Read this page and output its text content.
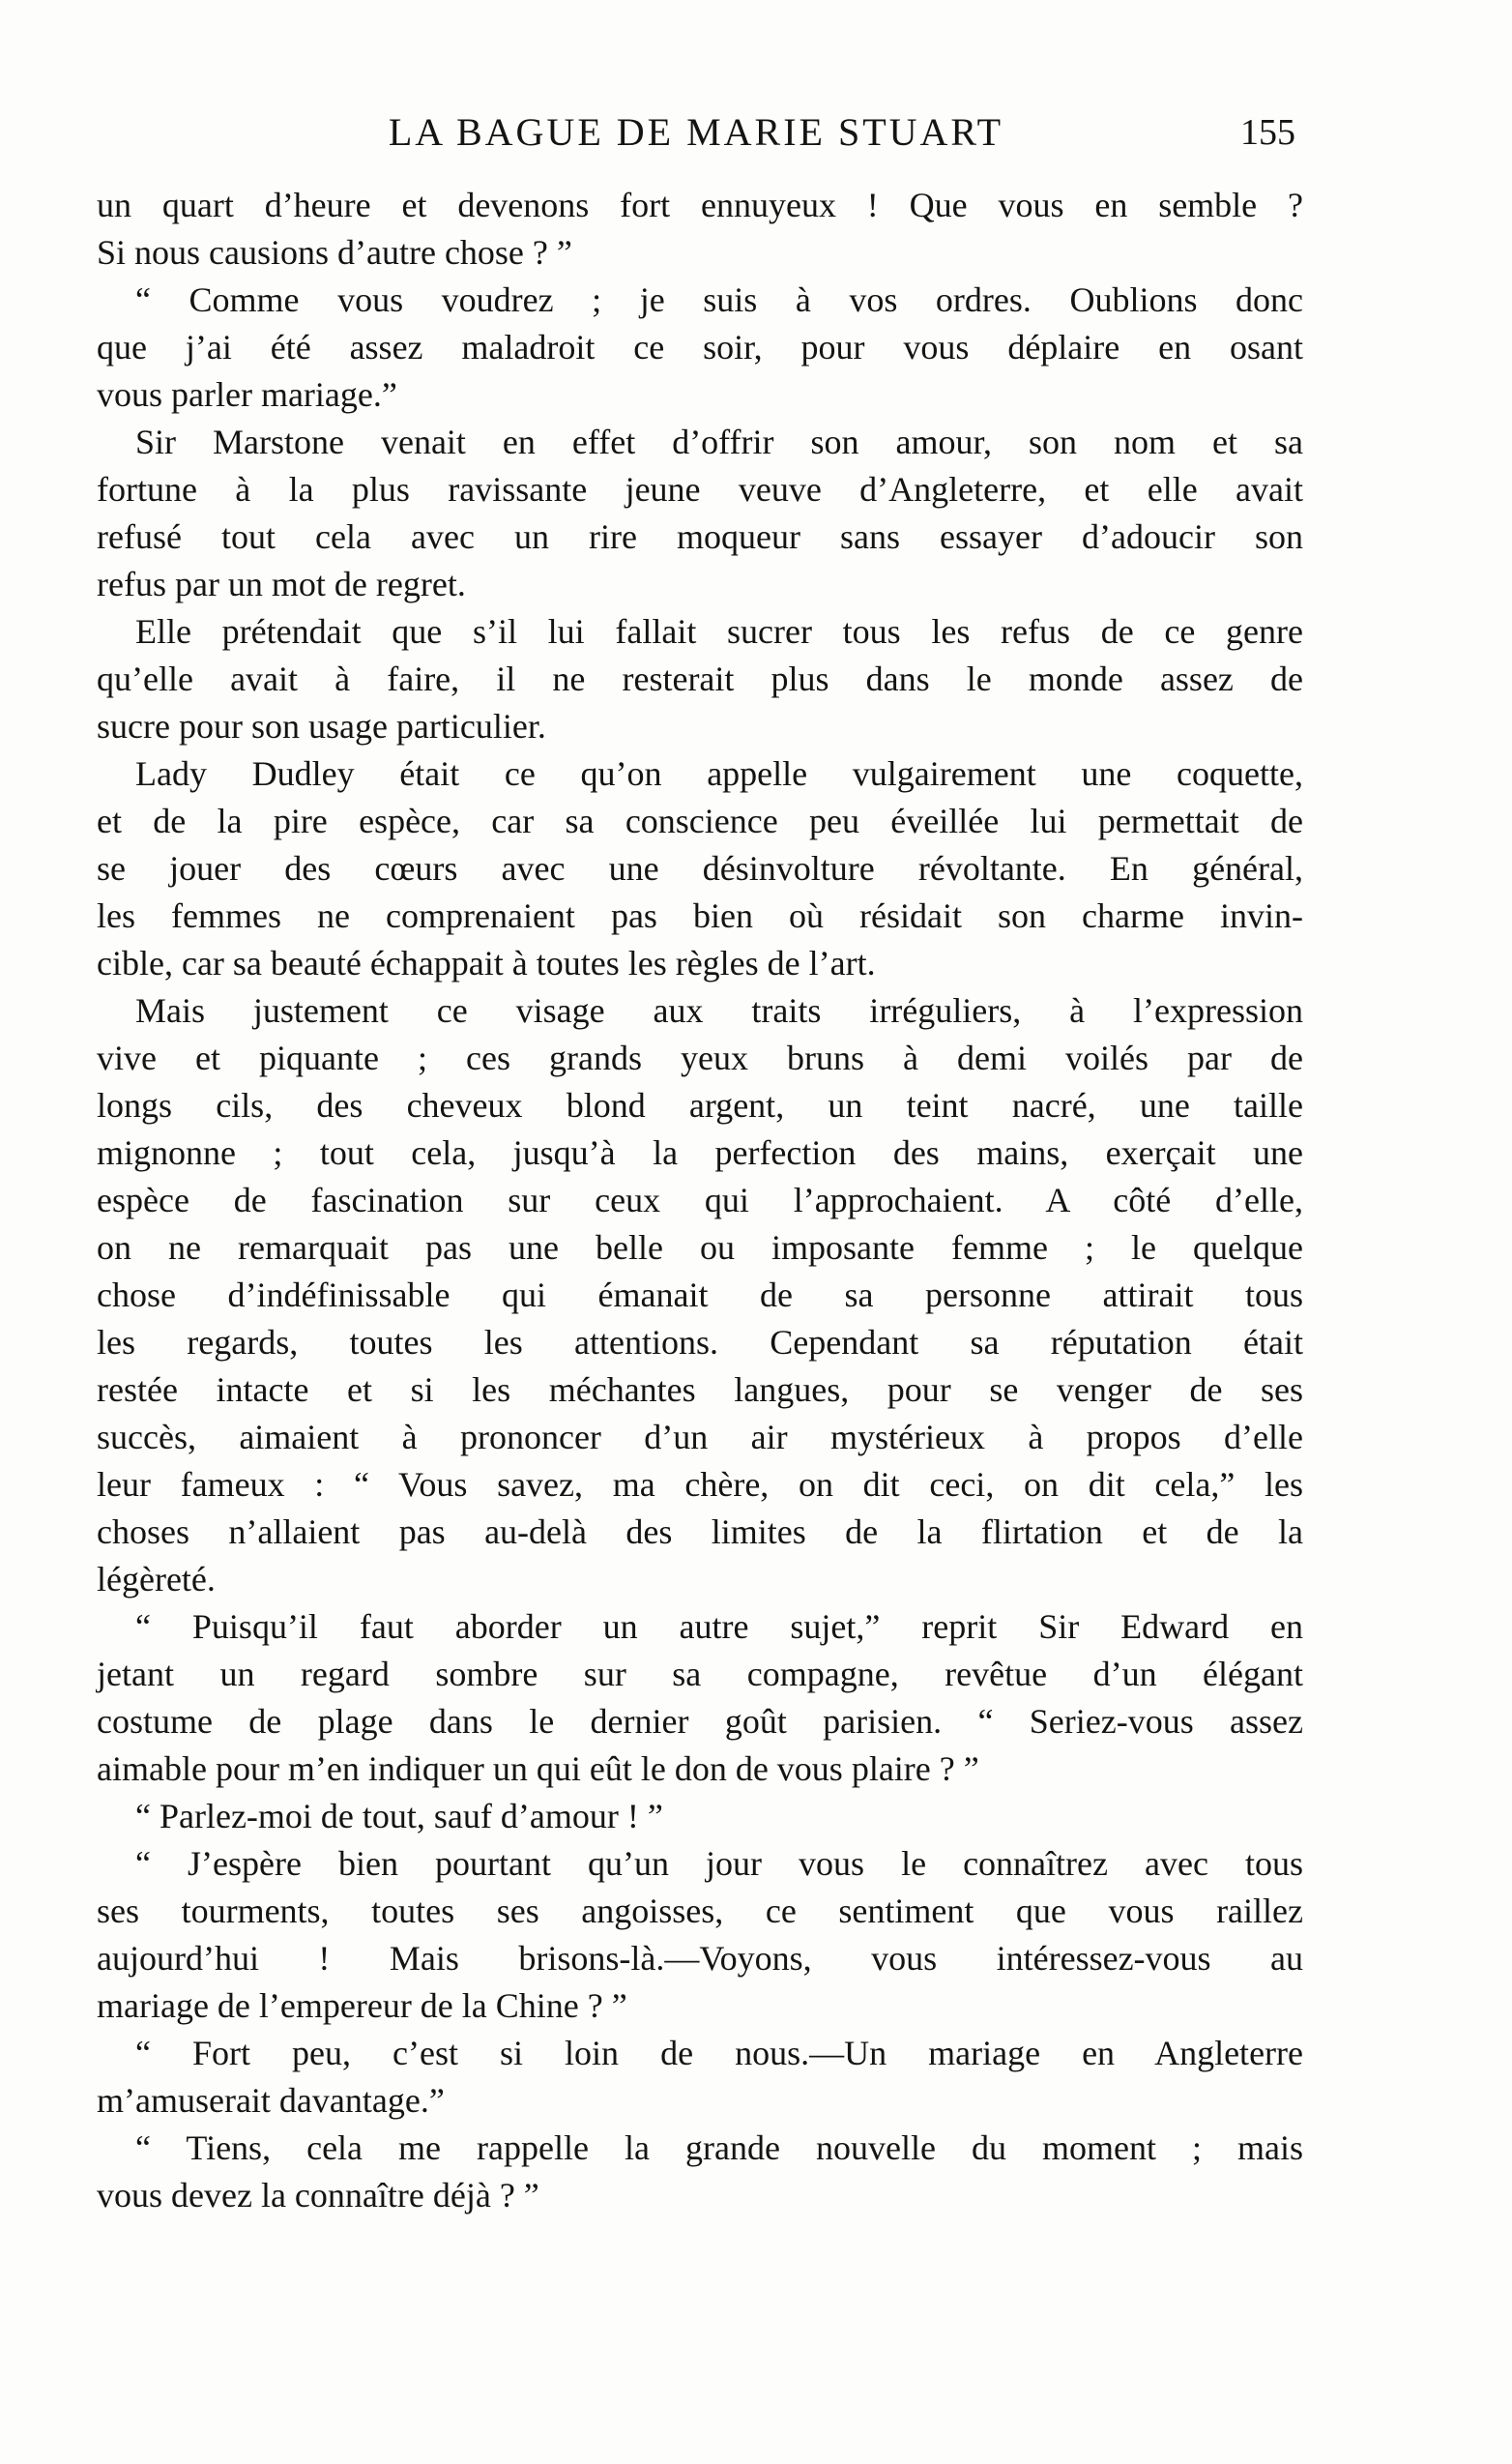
LA BAGUE DE MARIE STUART	155
un quart d’heure et devenons fort ennuyeux ! Que vous en semble ?
Si nous causions d’autre chose ? ”
“ Comme vous voudrez ; je suis à vos ordres. Oublions donc
que j’ai été assez maladroit ce soir, pour vous déplaire en osant
vous parler mariage.”
Sir Marstone venait en effet d’offrir son amour, son nom et sa
fortune à la plus ravissante jeune veuve d’Angleterre, et elle avait
refusé tout cela avec un rire moqueur sans essayer d’adoucir son
refus par un mot de regret.
Elle prétendait que s’il lui fallait sucrer tous les refus de ce genre
qu’elle avait à faire, il ne resterait plus dans le monde assez de
sucre pour son usage particulier.
Lady Dudley était ce qu’on appelle vulgairement une coquette,
et de la pire espèce, car sa conscience peu éveillée lui permettait de
se jouer des cœurs avec une désinvolture révoltante. En général,
les femmes ne comprenaient pas bien où résidait son charme invin-
cible, car sa beauté échappait à toutes les règles de l’art.
Mais justement ce visage aux traits irréguliers, à l’expression
vive et piquante ; ces grands yeux bruns à demi voilés par de
longs cils, des cheveux blond argent, un teint nacré, une taille
mignonne ; tout cela, jusqu’à la perfection des mains, exerçait une
espèce de fascination sur ceux qui l’approchaient. A côté d’elle,
on ne remarquait pas une belle ou imposante femme ; le quelque
chose d’indéfinissable qui émanait de sa personne attirait tous
les regards, toutes les attentions. Cependant sa réputation était
restée intacte et si les méchantes langues, pour se venger de ses
succès, aimaient à prononcer d’un air mystérieux à propos d’elle
leur fameux : “ Vous savez, ma chère, on dit ceci, on dit cela,” les
choses n’allaient pas au-delà des limites de la flirtation et de la
légèreté.
“ Puisqu’il faut aborder un autre sujet,” reprit Sir Edward en
jetant un regard sombre sur sa compagne, revêtue d’un élégant
costume de plage dans le dernier goût parisien. “ Seriez-vous assez
aimable pour m’en indiquer un qui eût le don de vous plaire ? ”
“ Parlez-moi de tout, sauf d’amour ! ”
“ J’espère bien pourtant qu’un jour vous le connaîtrez avec tous
ses tourments, toutes ses angoisses, ce sentiment que vous raillez
aujourd’hui ! Mais brisons-là.—Voyons, vous intéressez-vous au
mariage de l’empereur de la Chine ? ”
“ Fort peu, c’est si loin de nous.—Un mariage en Angleterre
m’amuserait davantage.”
“ Tiens, cela me rappelle la grande nouvelle du moment ; mais
vous devez la connaître déjà ? ”
